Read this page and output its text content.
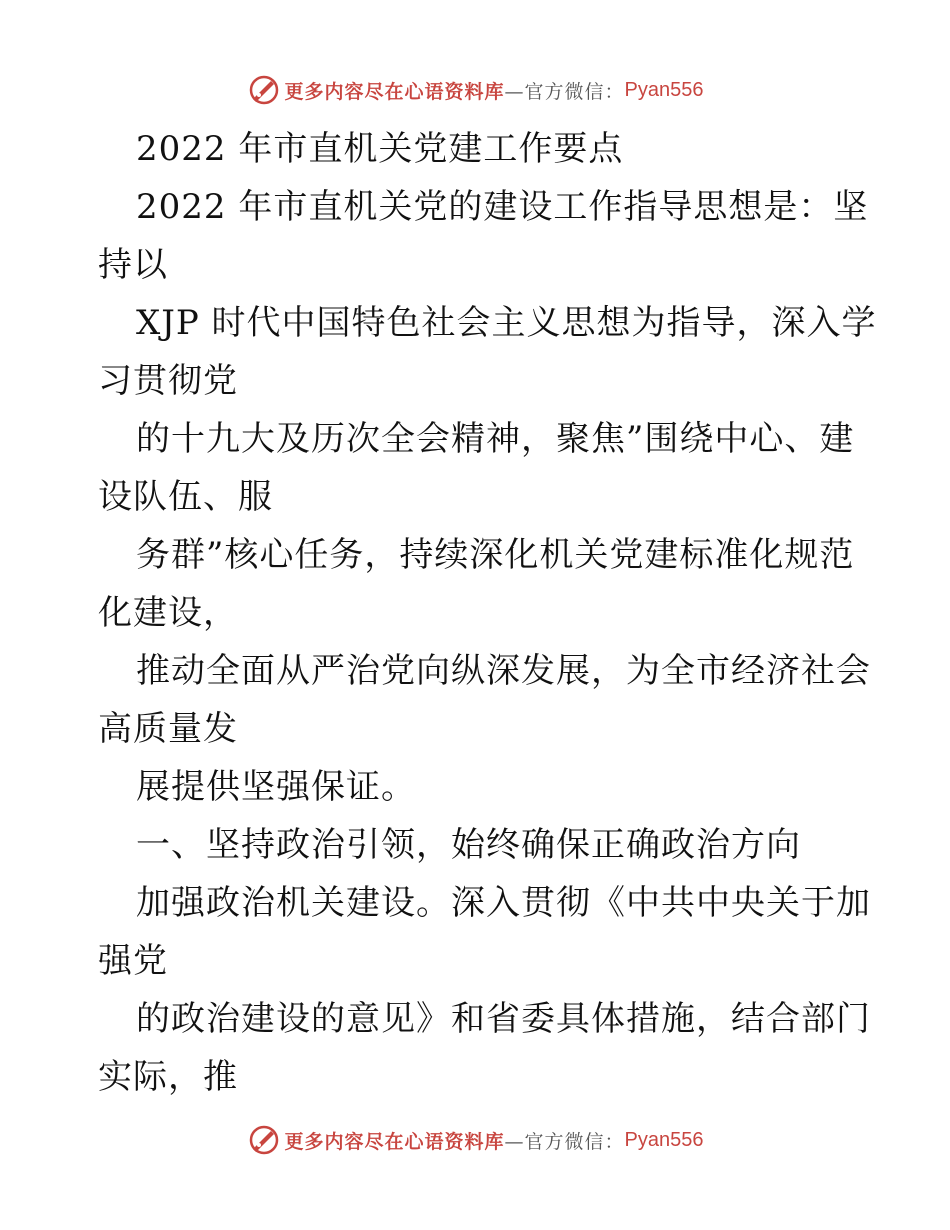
更多内容尽在心语资料库 —官方微信： Pyan556
2022 年市直机关党建工作要点
2022 年市直机关党的建设工作指导思想是：坚
持以
XJP 时代中国特色社会主义思想为指导，深入学
习贯彻党
的十九大及历次全会精神，聚焦”围绕中心、建
设队伍、服
务群”核心任务，持续深化机关党建标准化规范
化建设，
推动全面从严治党向纵深发展，为全市经济社会
高质量发
展提供坚强保证。
一、坚持政治引领，始终确保正确政治方向
加强政治机关建设。深入贯彻《中共中央关于加
强党
的政治建设的意见》和省委具体措施，结合部门
实际，推
更多内容尽在心语资料库 —官方微信： Pyan556
